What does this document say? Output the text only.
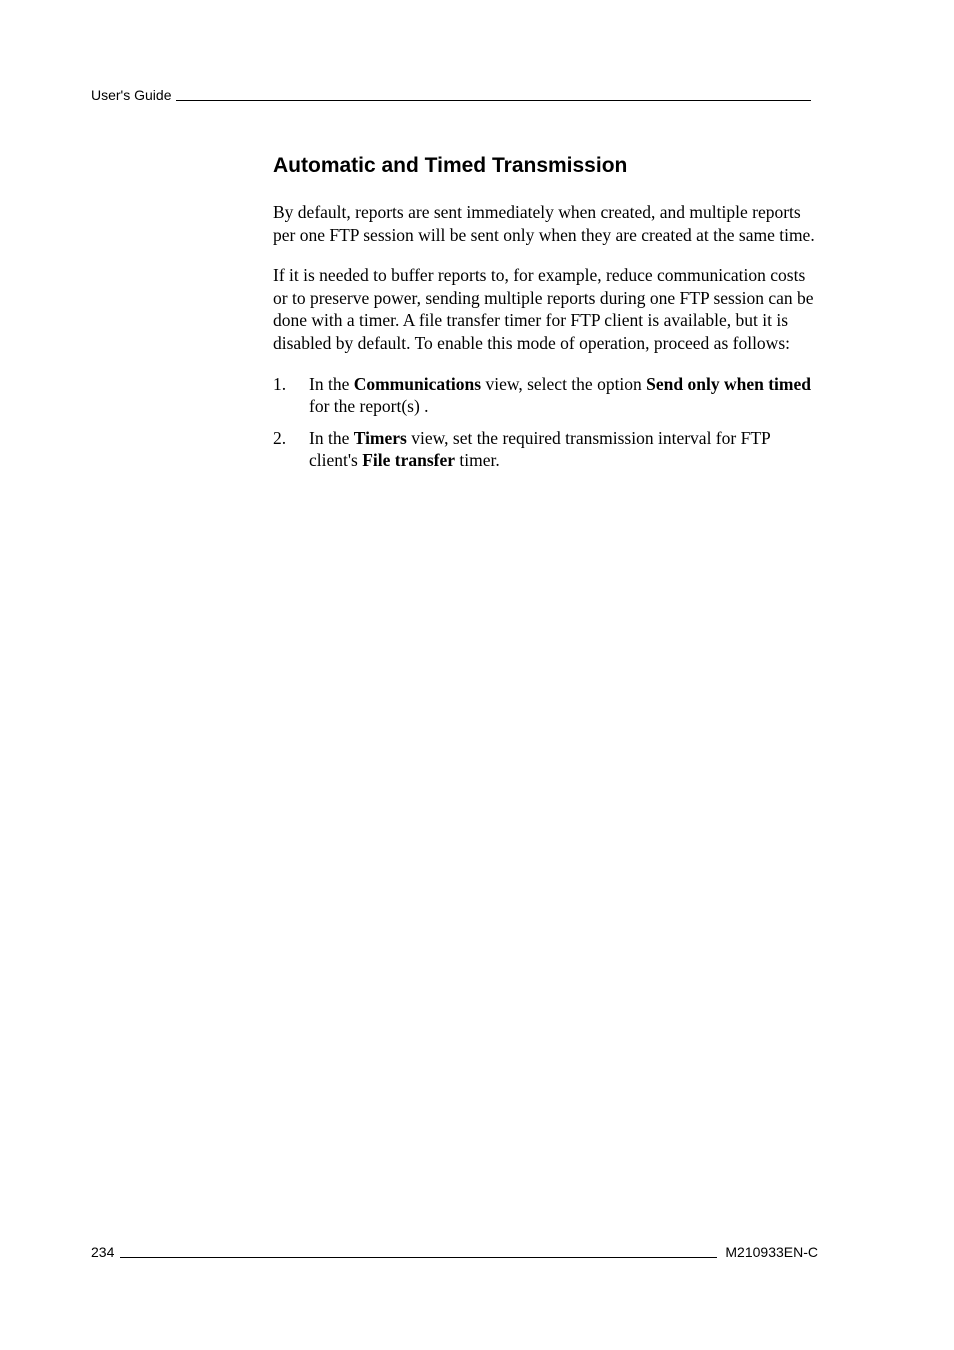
User's Guide
Automatic and Timed Transmission

By default, reports are sent immediately when created, and multiple reports per one FTP session will be sent only when they are created at the same time.

If it is needed to buffer reports to, for example, reduce communication costs or to preserve power, sending multiple reports during one FTP session can be done with a timer. A file transfer timer for FTP client is available, but it is disabled by default. To enable this mode of operation, proceed as follows:

1.	In the Communications view, select the option Send only when timed for the report(s) .
2.	In the Timers view, set the required transmission interval for FTP client's File transfer timer.
234	M210933EN-C
